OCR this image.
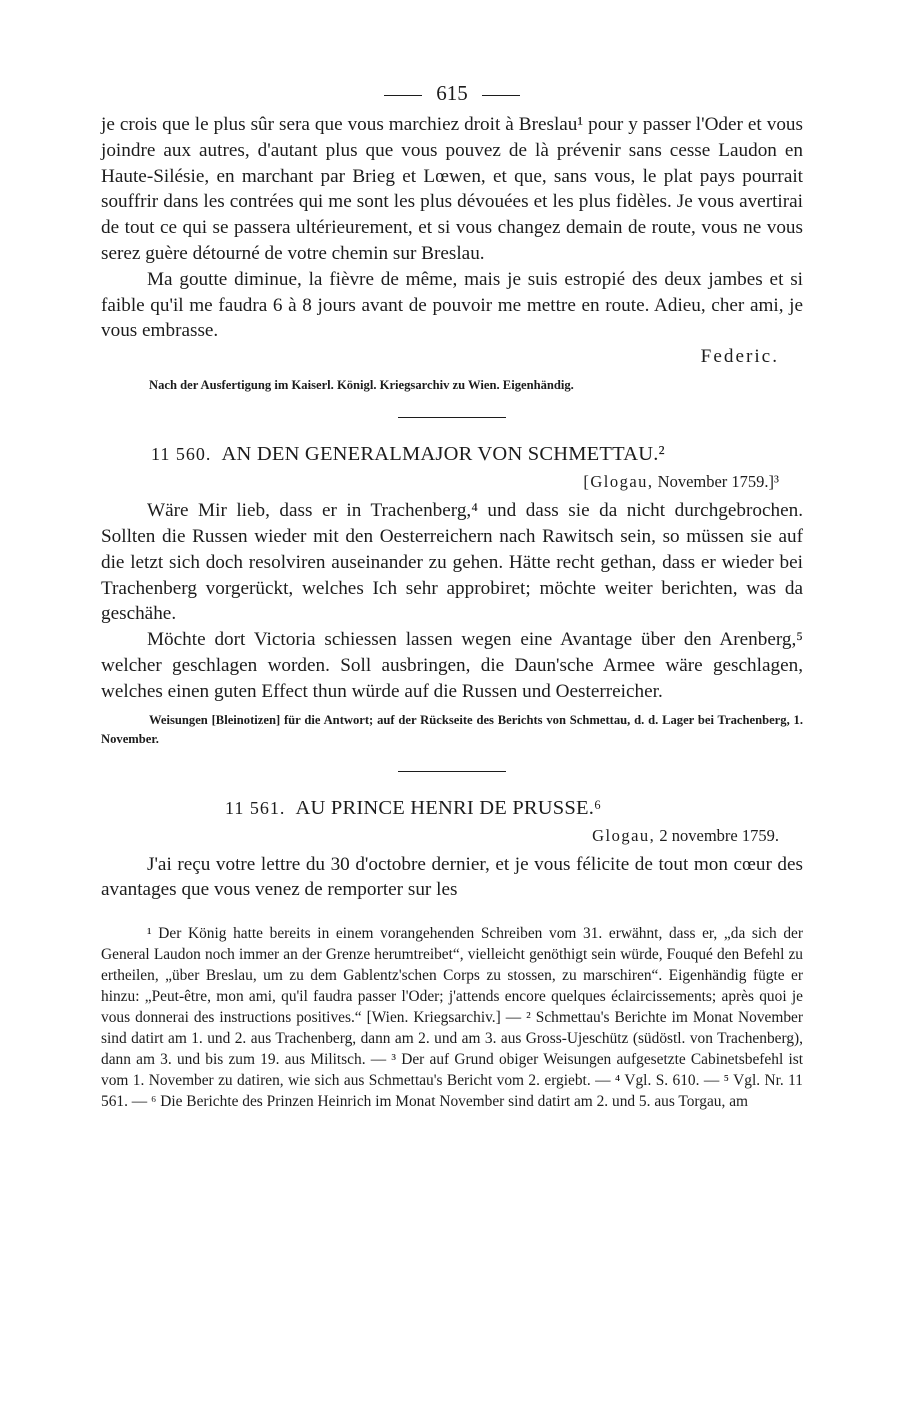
615

je crois que le plus sûr sera que vous marchiez droit à Breslau¹ pour y passer l'Oder et vous joindre aux autres, d'autant plus que vous pouvez de là prévenir sans cesse Laudon en Haute-Silésie, en marchant par Brieg et Lœwen, et que, sans vous, le plat pays pourrait souffrir dans les contrées qui me sont les plus dévouées et les plus fidèles. Je vous avertirai de tout ce qui se passera ultérieurement, et si vous changez demain de route, vous ne vous serez guère détourné de votre chemin sur Breslau.

Ma goutte diminue, la fièvre de même, mais je suis estropié des deux jambes et si faible qu'il me faudra 6 à 8 jours avant de pouvoir me mettre en route. Adieu, cher ami, je vous embrasse.

Federic.
Nach der Ausfertigung im Kaiserl. Königl. Kriegsarchiv zu Wien. Eigenhändig.
11 560. AN DEN GENERALMAJOR VON SCHMETTAU.²
[Glogau, November 1759.]³

Wäre Mir lieb, dass er in Trachenberg,⁴ und dass sie da nicht durchgebrochen. Sollten die Russen wieder mit den Oesterreichern nach Rawitsch sein, so müssen sie auf die letzt sich doch resolviren auseinander zu gehen. Hätte recht gethan, dass er wieder bei Trachenberg vorgerückt, welches Ich sehr approbiret; möchte weiter berichten, was da geschähe.

Möchte dort Victoria schiessen lassen wegen eine Avantage über den Arenberg,⁵ welcher geschlagen worden. Soll ausbringen, die Daun'sche Armee wäre geschlagen, welches einen guten Effect thun würde auf die Russen und Oesterreicher.

Weisungen [Bleinotizen] für die Antwort; auf der Rückseite des Berichts von Schmettau, d. d. Lager bei Trachenberg, 1. November.
11 561. AU PRINCE HENRI DE PRUSSE.⁶
Glogau, 2 novembre 1759.

J'ai reçu votre lettre du 30 d'octobre dernier, et je vous félicite de tout mon cœur des avantages que vous venez de remporter sur les

¹ Der König hatte bereits in einem vorangehenden Schreiben vom 31. erwähnt, dass er, „da sich der General Laudon noch immer an der Grenze herumtreibet“, vielleicht genöthigt sein würde, Fouqué den Befehl zu ertheilen, „über Breslau, um zu dem Gablentz'schen Corps zu stossen, zu marschiren“. Eigenhändig fügte er hinzu: „Peut-être, mon ami, qu'il faudra passer l'Oder; j'attends encore quelques éclaircissements; après quoi je vous donnerai des instructions positives.“ [Wien. Kriegsarchiv.] — ² Schmettau's Berichte im Monat November sind datirt am 1. und 2. aus Trachenberg, dann am 2. und am 3. aus Gross-Ujeschütz (südöstl. von Trachenberg), dann am 3. und bis zum 19. aus Militsch. — ³ Der auf Grund obiger Weisungen aufgesetzte Cabinetsbefehl ist vom 1. November zu datiren, wie sich aus Schmettau's Bericht vom 2. ergiebt. — ⁴ Vgl. S. 610. — ⁵ Vgl. Nr. 11 561. — ⁶ Die Berichte des Prinzen Heinrich im Monat November sind datirt am 2. und 5. aus Torgau, am
